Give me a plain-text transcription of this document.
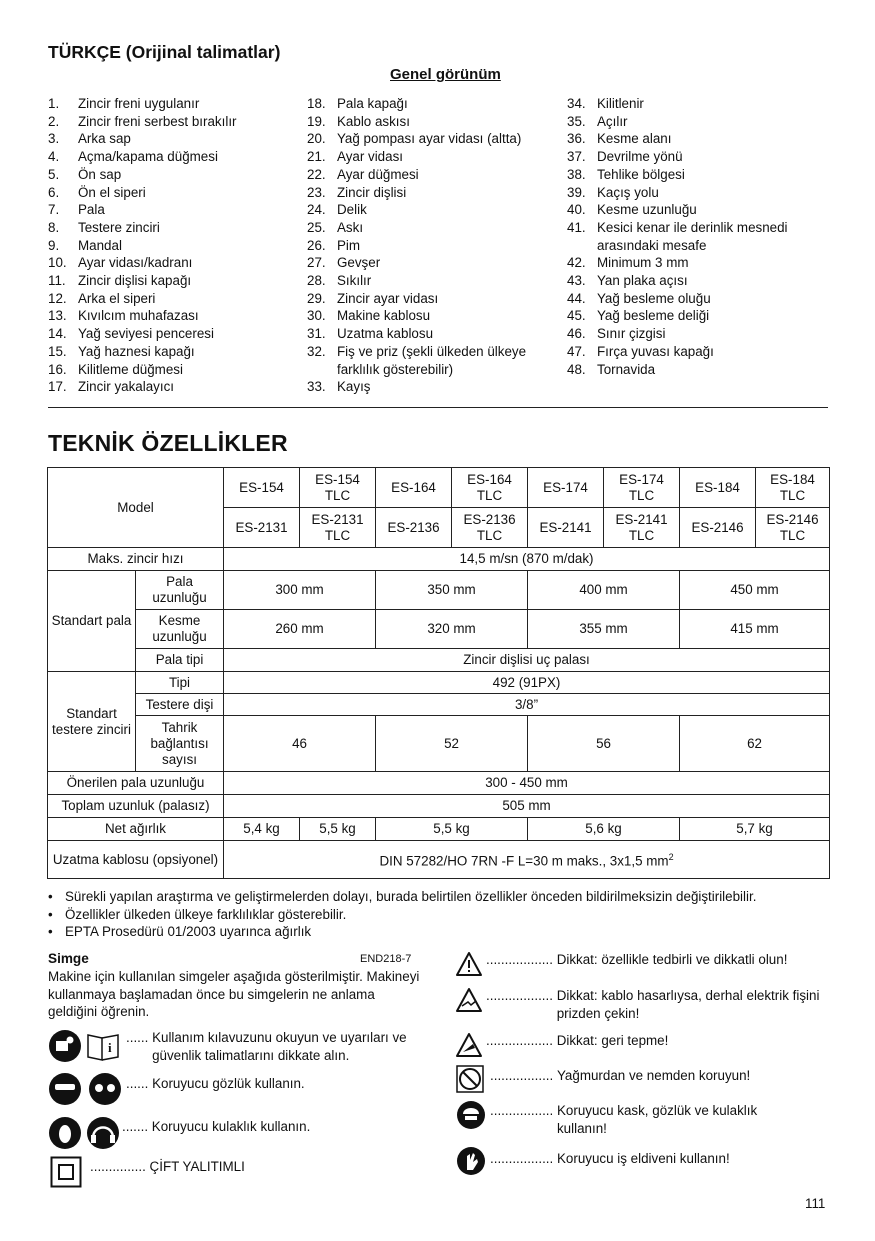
TÜRKÇE (Orijinal talimatlar)
Genel görünüm
1.	Zincir freni uygulanır
2.	Zincir freni serbest bırakılır
3.	Arka sap
4.	Açma/kapama düğmesi
5.	Ön sap
6.	Ön el siperi
7.	Pala
8.	Testere zinciri
9.	Mandal
10. Ayar vidası/kadranı
11. Zincir dişlisi kapağı
12. Arka el siperi
13. Kıvılcım muhafazası
14. Yağ seviyesi penceresi
15. Yağ haznesi kapağı
16. Kilitleme düğmesi
17. Zincir yakalayıcı
18. Pala kapağı
19. Kablo askısı
20. Yağ pompası ayar vidası (altta)
21. Ayar vidası
22. Ayar düğmesi
23. Zincir dişlisi
24. Delik
25. Askı
26. Pim
27. Gevşer
28. Sıkılır
29. Zincir ayar vidası
30. Makine kablosu
31. Uzatma kablosu
32. Fiş ve priz (şekli ülkeden ülkeye farklılık gösterebilir)
33. Kayış
34. Kilitlenir
35. Açılır
36. Kesme alanı
37. Devrilme yönü
38. Tehlike bölgesi
39. Kaçış yolu
40. Kesme uzunluğu
41. Kesici kenar ile derinlik mesnedi arasındaki mesafe
42. Minimum 3 mm
43. Yan plaka açısı
44. Yağ besleme oluğu
45. Yağ besleme deliği
46. Sınır çizgisi
47. Fırça yuvası kapağı
48. Tornavida
TEKNİK ÖZELLİKLER
Model		ES-154	ES-154 TLC	ES-164	ES-164 TLC	ES-174	ES-174 TLC	ES-184	ES-184 TLC
		ES-2131	ES-2131 TLC	ES-2136	ES-2136 TLC	ES-2141	ES-2141 TLC	ES-2146	ES-2146 TLC
Maks. zincir hızı		14,5 m/sn (870 m/dak)							
Standart pala	Pala uzunluğu	300 mm		350 mm		400 mm		450 mm	
	Kesme uzunluğu	260 mm		320 mm		355 mm		415 mm	
	Pala tipi	Zincir dişlisi uç palası							
Standart testere zinciri	Tipi	492 (91PX)							
	Testere dişi	3/8”							
	Tahrik bağlantısı sayısı	46		52		56		62	
Önerilen pala uzunluğu		300 - 450 mm							
Toplam uzunluk (palasız)		505 mm							
Net ağırlık		5,4 kg	5,5 kg	5,5 kg		5,6 kg		5,7 kg	
Uzatma kablosu (opsiyonel)		DIN 57282/HO 7RN -F L=30 m maks., 3x1,5 $mm^2$
• Sürekli yapılan araştırma ve geliştirmelerden dolayı, burada belirtilen özellikler önceden bildirilmeksizin değiştirilebilir.
• Özellikler ülkeden ülkeye farklılıklar gösterebilir.
• EPTA Prosedürü 01/2003 uyarınca ağırlık
Simge	END218-7
Makine için kullanılan simgeler aşağıda gösterilmiştir. Makineyi kullanmaya başlamadan önce bu simgelerin ne anlama geldiğini öğrenin.
i
......
Kullanım kılavuzunu okuyun ve uyarıları ve güvenlik talimatlarını dikkate alın.
......
Koruyucu gözlük kullanın.
.......
Koruyucu kulaklık kullanın.
...............
ÇİFT YALITIMLI
..................
Dikkat: özellikle tedbirli ve dikkatli olun!
..................
Dikkat: kablo hasarlıysa, derhal elektrik fişini prizden çekin!
..................
Dikkat: geri tepme!
.................
Yağmurdan ve nemden koruyun!
.................
Koruyucu kask, gözlük ve kulaklık kullanın!
.................
Koruyucu iş eldiveni kullanın!
111
